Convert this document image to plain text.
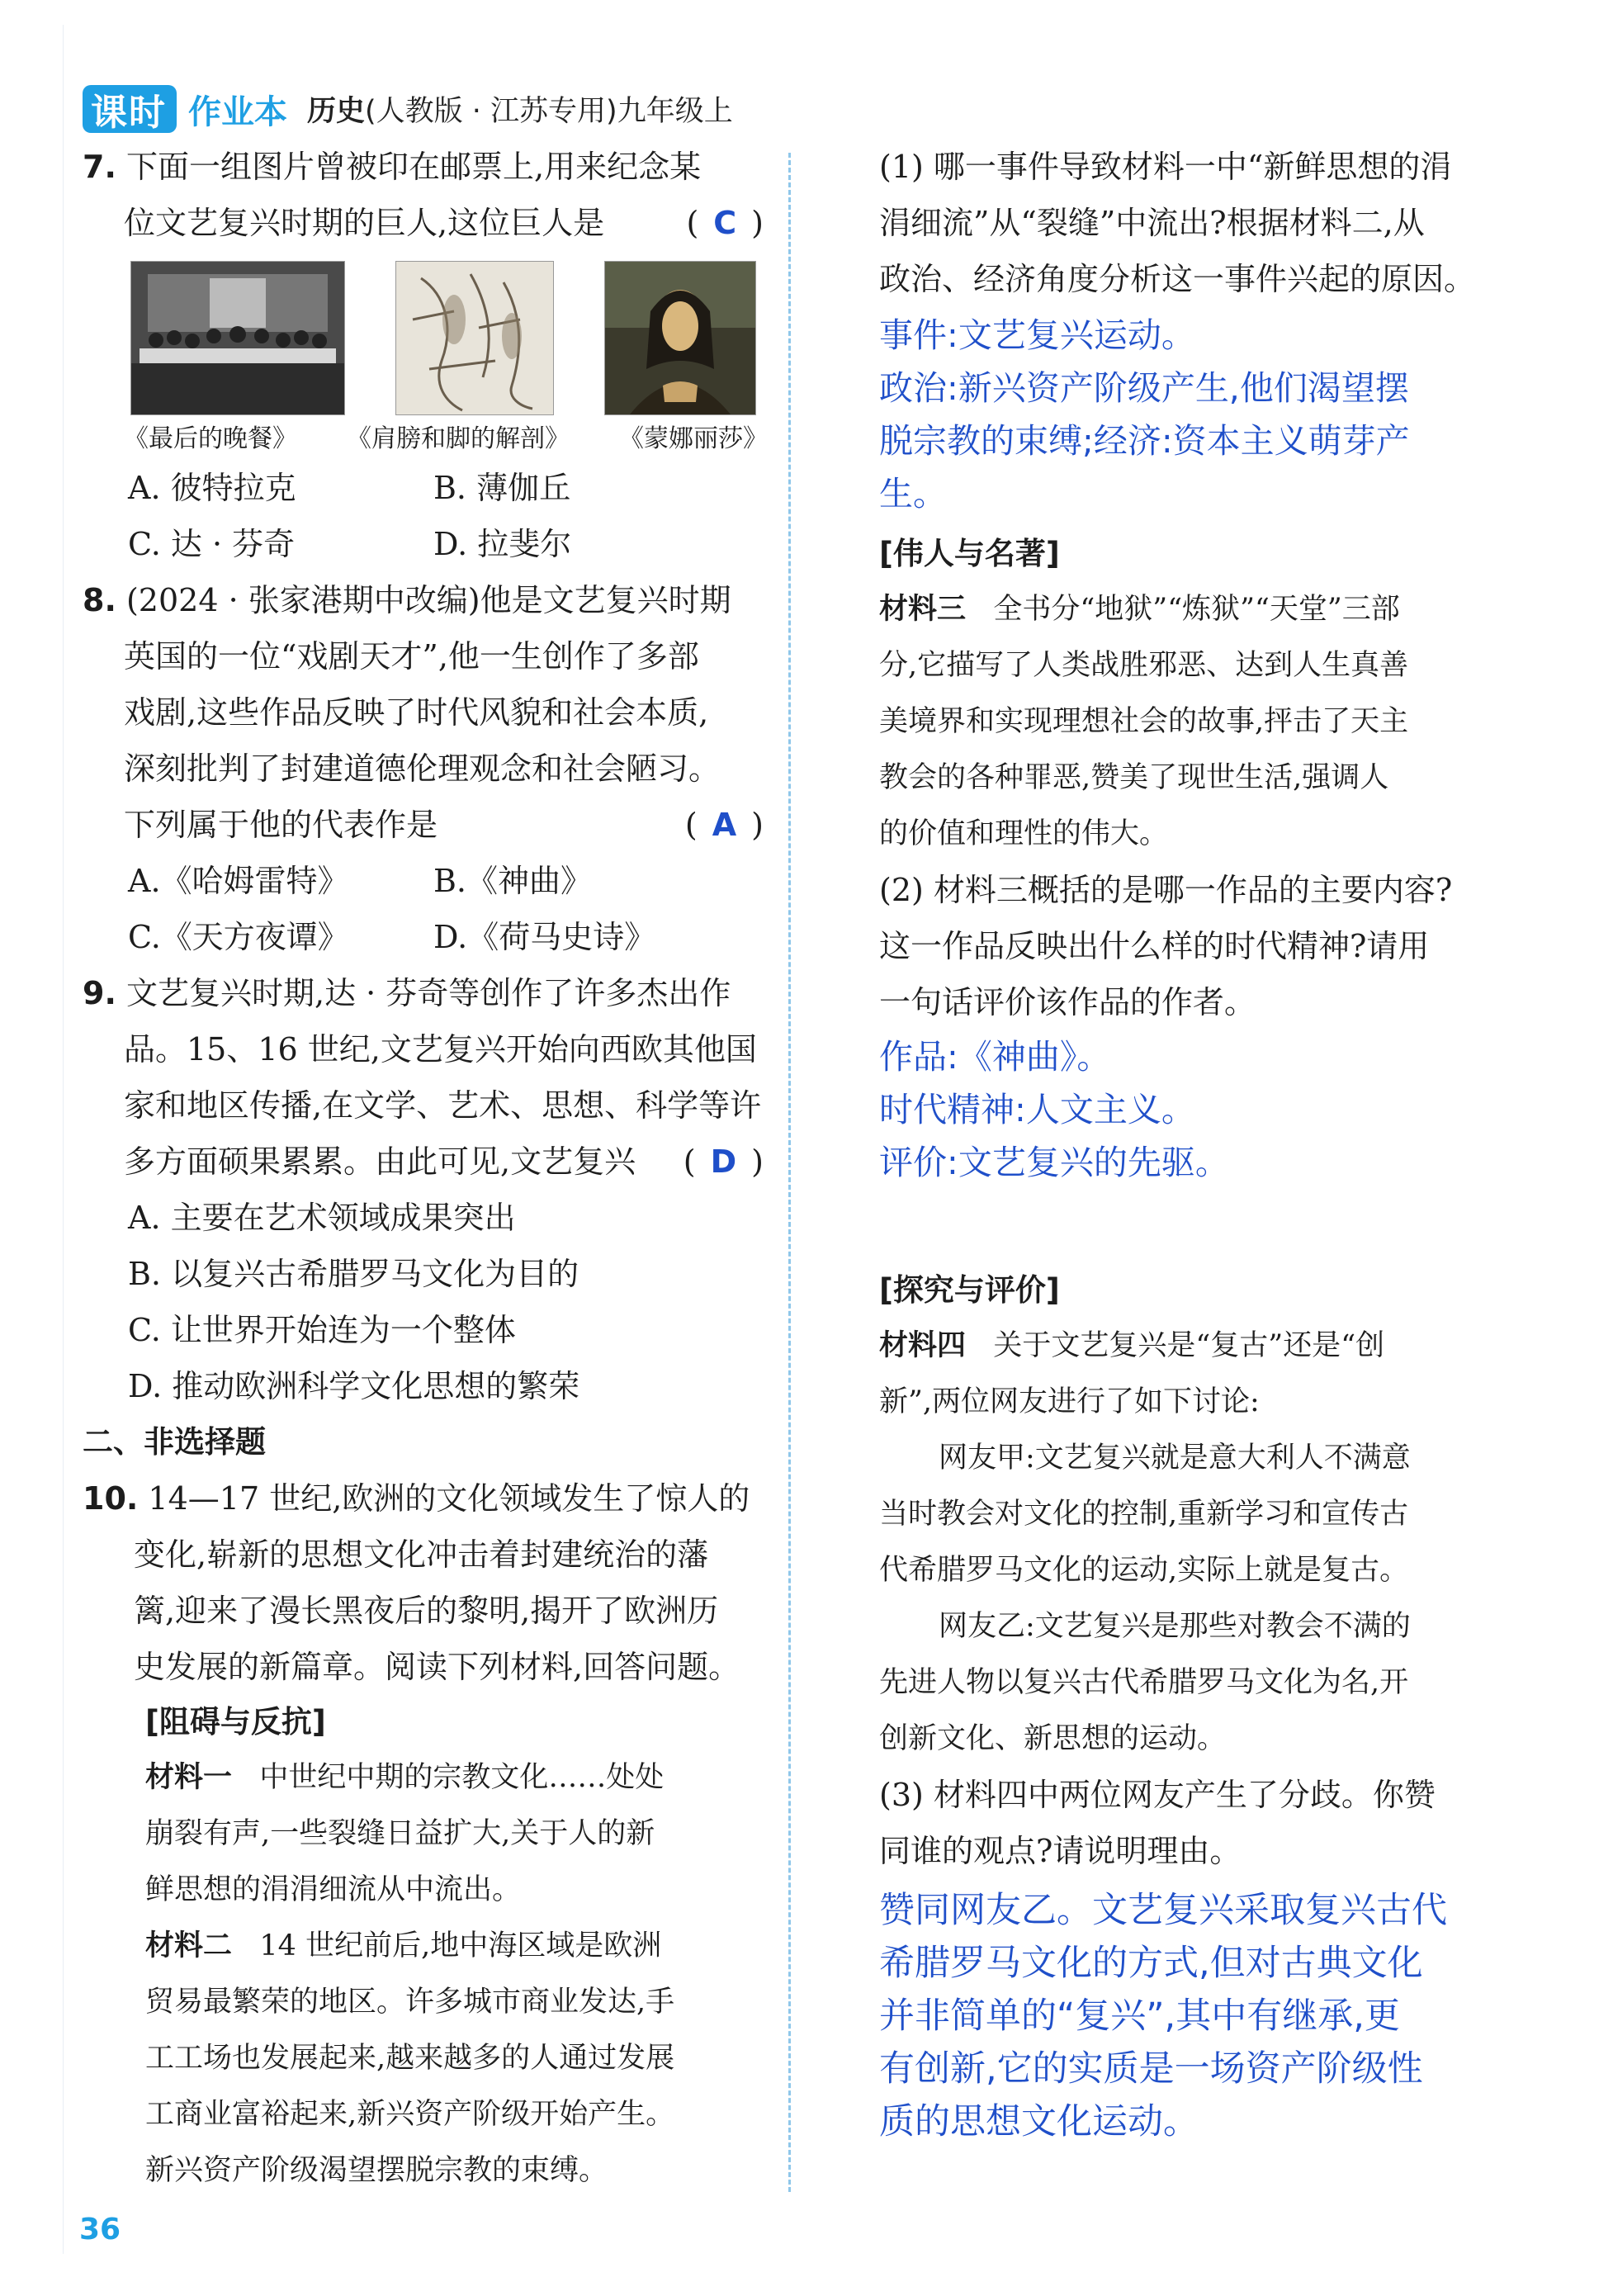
课时 作业本 历史(人教版 · 江苏专用)九年级上
7. 下面一组图片曾被印在邮票上,用来纪念某
位文艺复兴时期的巨人,这位巨人是	( C )
《最后的晚餐》 《肩膀和脚的解剖》 《蒙娜丽莎》
A. 彼特拉克	B. 薄伽丘
C. 达 · 芬奇	D. 拉斐尔
8. (2024 · 张家港期中改编)他是文艺复兴时期
英国的一位“戏剧天才”,他一生创作了多部
戏剧,这些作品反映了时代风貌和社会本质,
深刻批判了封建道德伦理观念和社会陋习。
下列属于他的代表作是	( A )
A.《哈姆雷特》	B.《神曲》
C.《天方夜谭》	D.《荷马史诗》
9. 文艺复兴时期,达 · 芬奇等创作了许多杰出作
品。15、16 世纪,文艺复兴开始向西欧其他国
家和地区传播,在文学、艺术、思想、科学等许
多方面硕果累累。由此可见,文艺复兴 ( D )
A. 主要在艺术领域成果突出
B. 以复兴古希腊罗马文化为目的
C. 让世界开始连为一个整体
D. 推动欧洲科学文化思想的繁荣
二、非选择题
10. 14—17 世纪,欧洲的文化领域发生了惊人的
变化,崭新的思想文化冲击着封建统治的藩
篱,迎来了漫长黑夜后的黎明,揭开了欧洲历
史发展的新篇章。阅读下列材料,回答问题。
[阻碍与反抗]
材料一 中世纪中期的宗教文化……处处
崩裂有声,一些裂缝日益扩大,关于人的新
鲜思想的涓涓细流从中流出。
材料二 14 世纪前后,地中海区域是欧洲
贸易最繁荣的地区。许多城市商业发达,手
工工场也发展起来,越来越多的人通过发展
工商业富裕起来,新兴资产阶级开始产生。
新兴资产阶级渴望摆脱宗教的束缚。
(1) 哪一事件导致材料一中“新鲜思想的涓
涓细流”从“裂缝”中流出?根据材料二,从
政治、经济角度分析这一事件兴起的原因。
事件:文艺复兴运动。
政治:新兴资产阶级产生,他们渴望摆
脱宗教的束缚;经济:资本主义萌芽产
生。
[伟人与名著]
材料三 全书分“地狱”“炼狱”“天堂”三部
分,它描写了人类战胜邪恶、达到人生真善
美境界和实现理想社会的故事,抨击了天主
教会的各种罪恶,赞美了现世生活,强调人
的价值和理性的伟大。
(2) 材料三概括的是哪一作品的主要内容?
这一作品反映出什么样的时代精神?请用
一句话评价该作品的作者。
作品:《神曲》。
时代精神:人文主义。
评价:文艺复兴的先驱。
[探究与评价]
材料四 关于文艺复兴是“复古”还是“创
新”,两位网友进行了如下讨论:
网友甲:文艺复兴就是意大利人不满意
当时教会对文化的控制,重新学习和宣传古
代希腊罗马文化的运动,实际上就是复古。
网友乙:文艺复兴是那些对教会不满的
先进人物以复兴古代希腊罗马文化为名,开
创新文化、新思想的运动。
(3) 材料四中两位网友产生了分歧。你赞
同谁的观点?请说明理由。
赞同网友乙。文艺复兴采取复兴古代
希腊罗马文化的方式,但对古典文化
并非简单的“复兴”,其中有继承,更
有创新,它的实质是一场资产阶级性
质的思想文化运动。
36
